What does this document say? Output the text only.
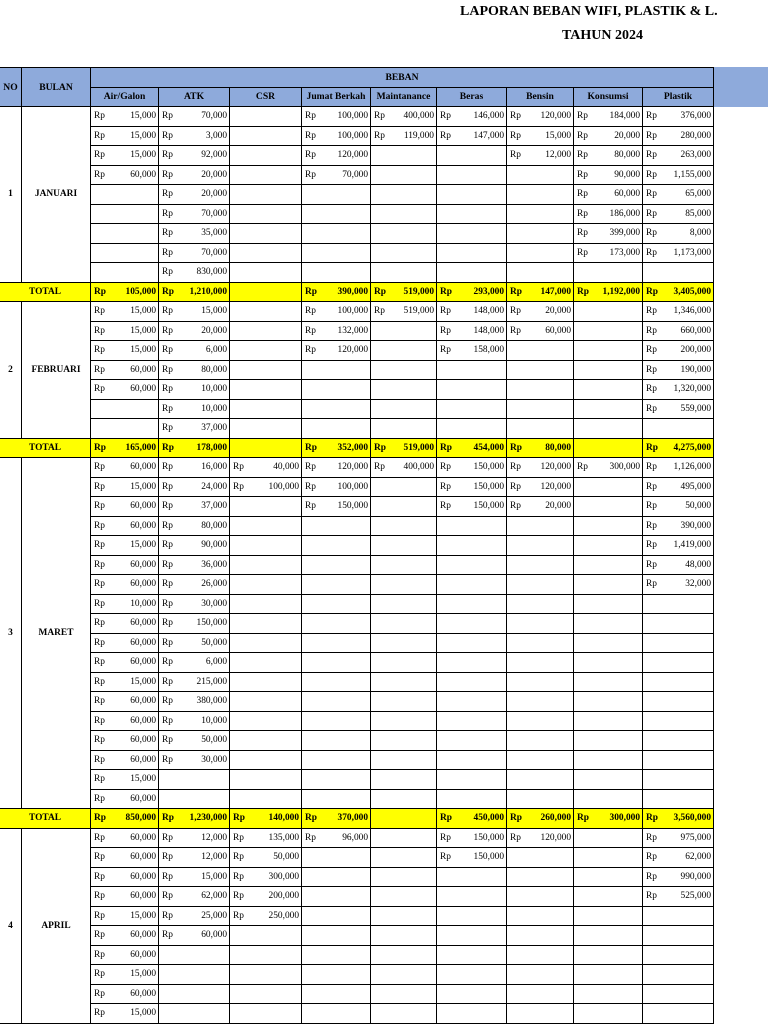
LAPORAN BEBAN WIFI, PLASTIK & L.
TAHUN 2024
NO	BULAN	BEBAN								
		Air/Galon	ATK	CSR	Jumat Berkah	Maintanance	Beras	Bensin	Konsumsi	Plastik
1	JANUARI	Rp 15,000	Rp 70,000		Rp 100,000	Rp 400,000	Rp 146,000	Rp 120,000	Rp 184,000	Rp 376,000

		Rp 15,000	Rp 3,000		Rp 100,000	Rp 119,000	Rp 147,000	Rp 15,000	Rp 20,000	Rp 280,000

		Rp 15,000	Rp 92,000		Rp 120,000			Rp 12,000	Rp 80,000	Rp 263,000

		Rp 60,000	Rp 20,000		Rp 70,000				Rp 90,000	Rp 1,155,000

			Rp 20,000						Rp 60,000	Rp 65,000

			Rp 70,000						Rp 186,000	Rp 85,000

			Rp 35,000						Rp 399,000	Rp 8,000

			Rp 70,000						Rp 173,000	Rp 1,173,000

			Rp 830,000							

TOTAL		Rp 105,000	Rp 1,210,000		Rp 390,000	Rp 519,000	Rp 293,000	Rp 147,000	Rp 1,192,000	Rp 3,405,000

2	FEBRUARI	Rp 15,000	Rp 15,000		Rp 100,000	Rp 519,000	Rp 148,000	Rp 20,000		Rp 1,346,000

		Rp 15,000	Rp 20,000		Rp 132,000		Rp 148,000	Rp 60,000		Rp 660,000

		Rp 15,000	Rp 6,000		Rp 120,000		Rp 158,000			Rp 200,000

		Rp 60,000	Rp 80,000							Rp 190,000

		Rp 60,000	Rp 10,000							Rp 1,320,000

			Rp 10,000							Rp 559,000

			Rp 37,000							

TOTAL		Rp 165,000	Rp 178,000		Rp 352,000	Rp 519,000	Rp 454,000	Rp 80,000		Rp 4,275,000

3	MARET	Rp 60,000	Rp 16,000	Rp 40,000	Rp 120,000	Rp 400,000	Rp 150,000	Rp 120,000	Rp 300,000	Rp 1,126,000

		Rp 15,000	Rp 24,000	Rp 100,000	Rp 100,000		Rp 150,000	Rp 120,000		Rp 495,000

		Rp 60,000	Rp 37,000		Rp 150,000		Rp 150,000	Rp 20,000		Rp 50,000

		Rp 60,000	Rp 80,000							Rp 390,000

		Rp 15,000	Rp 90,000							Rp 1,419,000

		Rp 60,000	Rp 36,000							Rp 48,000

		Rp 60,000	Rp 26,000							Rp 32,000

		Rp 10,000	Rp 30,000							

		Rp 60,000	Rp 150,000							

		Rp 60,000	Rp 50,000							

		Rp 60,000	Rp 6,000							

		Rp 15,000	Rp 215,000							

		Rp 60,000	Rp 380,000							

		Rp 60,000	Rp 10,000							

		Rp 60,000	Rp 50,000							

		Rp 60,000	Rp 30,000							

		Rp 15,000								

		Rp 60,000								

TOTAL		Rp 850,000	Rp 1,230,000	Rp 140,000	Rp 370,000		Rp 450,000	Rp 260,000	Rp 300,000	Rp 3,560,000

4	APRIL	Rp 60,000	Rp 12,000	Rp 135,000	Rp 96,000		Rp 150,000	Rp 120,000		Rp 975,000

		Rp 60,000	Rp 12,000	Rp 50,000			Rp 150,000			Rp 62,000

		Rp 60,000	Rp 15,000	Rp 300,000						Rp 990,000

		Rp 60,000	Rp 62,000	Rp 200,000						Rp 525,000

		Rp 15,000	Rp 25,000	Rp 250,000						

		Rp 60,000	Rp 60,000							

		Rp 60,000								

		Rp 15,000								

		Rp 60,000								

		Rp 15,000								
